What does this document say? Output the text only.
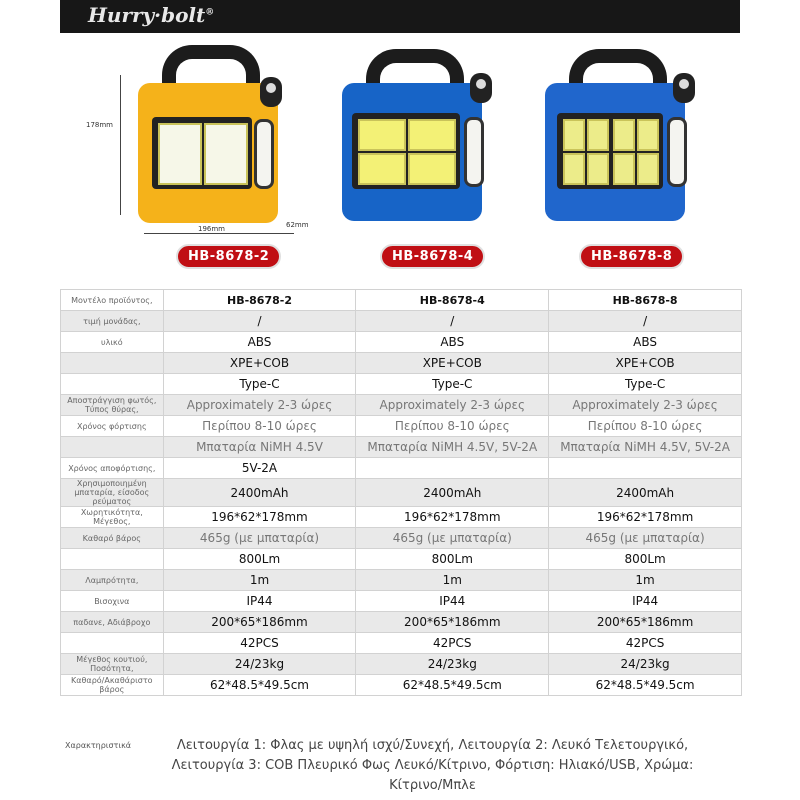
Hurry·bolt®
178mm
196mm	62mm
HB-8678-2	HB-8678-4	HB-8678-8
Μοντέλο προϊόντος,	HB-8678-2	HB-8678-4	HB-8678-8
τιμή μονάδας,	/	/	/
υλικό	ABS	ABS	ABS
	XPE+COB	XPE+COB	XPE+COB
	Type-C	Type-C	Type-C
Αποστράγγιση φωτός, Τύπος θύρας,	Approximately 2-3 ώρες	Approximately 2-3 ώρες	Approximately 2-3 ώρες
Χρόνος φόρτισης	Περίπου 8-10 ώρες	Περίπου 8-10 ώρες	Περίπου 8-10 ώρες
	Μπαταρία NiMH 4.5V	Μπαταρία NiMH 4.5V, 5V-2A	Μπαταρία NiMH 4.5V, 5V-2A
Χρόνος αποφόρτισης,	5V-2A		
Χρησιμοποιημένη μπαταρία, είσοδος ρεύματος	2400mAh	2400mAh	2400mAh
Χωρητικότητα, Μέγεθος,	196*62*178mm	196*62*178mm	196*62*178mm
Καθαρό βάρος	465g (με μπαταρία)	465g (με μπαταρία)	465g (με μπαταρία)
	800Lm	800Lm	800Lm
Λαμπρότητα,	1m	1m	1m
Βισοχινα	IP44	IP44	IP44
παδανε, Αδιάβροχο	200*65*186mm	200*65*186mm	200*65*186mm
	42PCS	42PCS	42PCS
Μέγεθος κουτιού, Ποσότητα,	24/23kg	24/23kg	24/23kg
Καθαρό/Ακαθάριστο βάρος	62*48.5*49.5cm	62*48.5*49.5cm	62*48.5*49.5cm
Χαρακτηριστικά	Λειτουργία 1: Φλας με υψηλή ισχύ/Συνεχή, Λειτουργία 2: Λευκό Τελετουργικό, Λειτουργία 3: COB Πλευρικό Φως Λευκό/Κίτρινο, Φόρτιση: Ηλιακό/USB, Χρώμα: Κίτρινο/Μπλε
